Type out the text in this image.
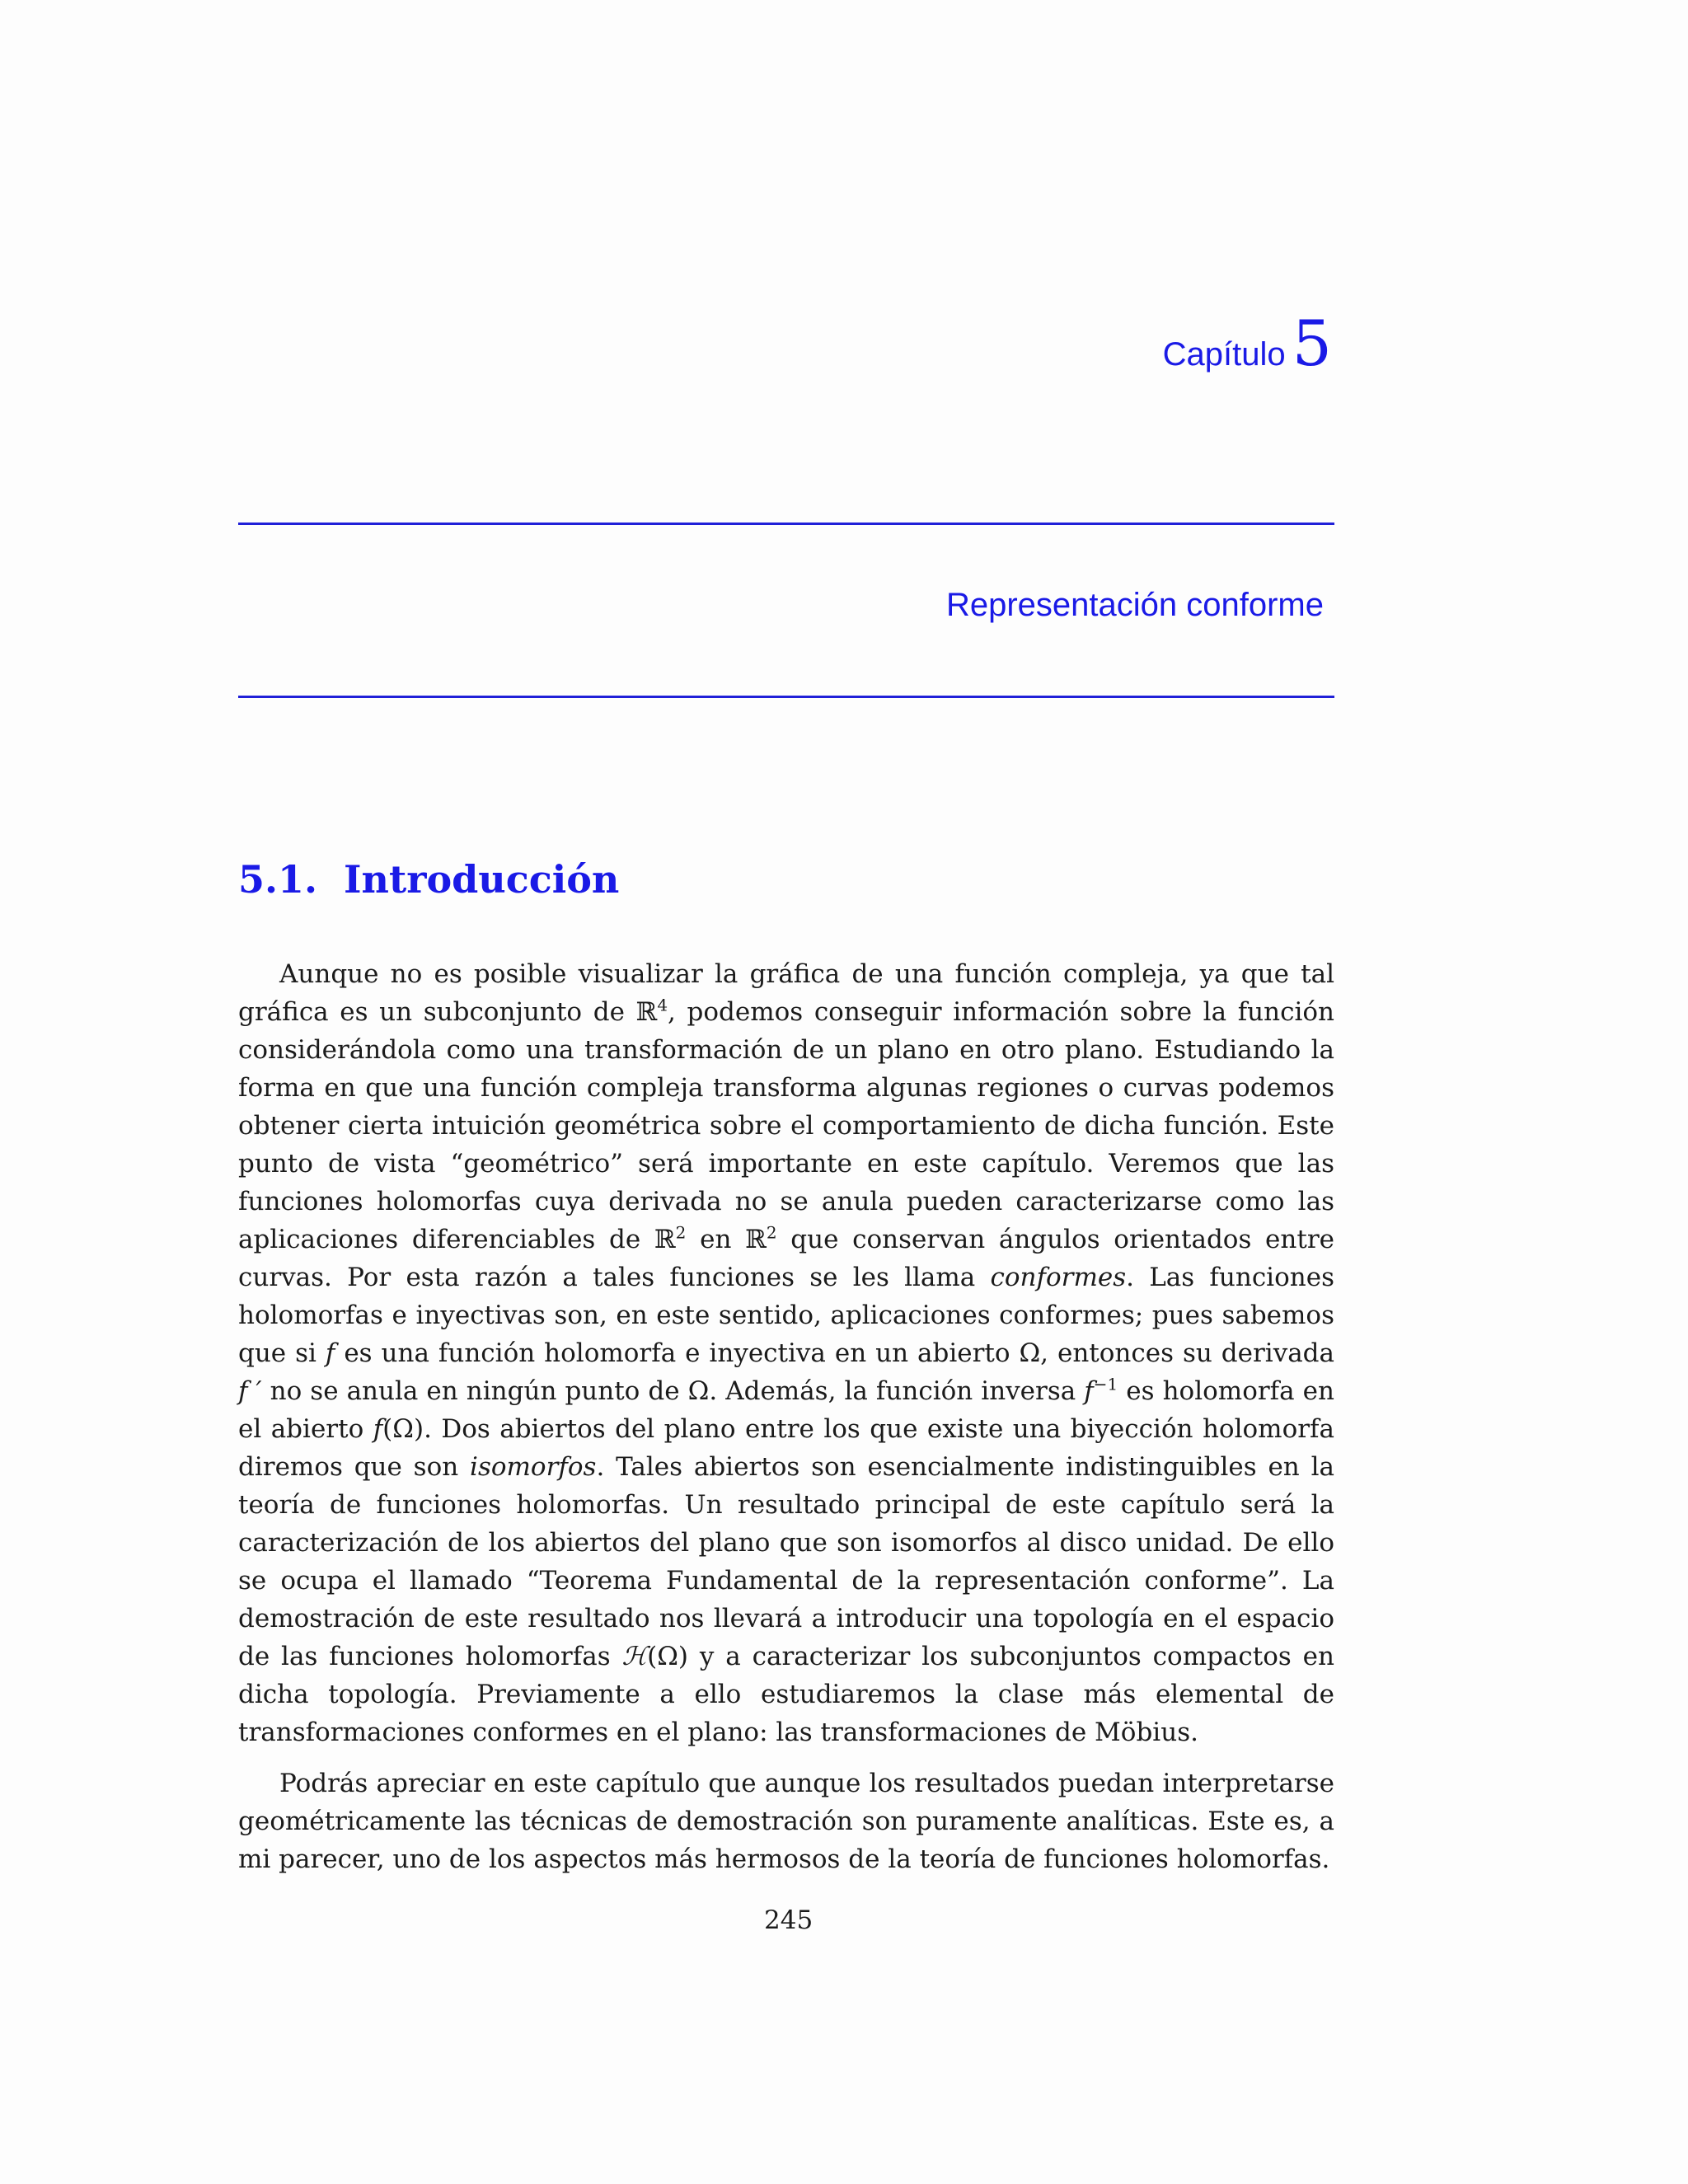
Capítulo 5
Representación conforme
5.1. Introducción

Aunque no es posible visualizar la gráfica de una función compleja, ya que tal gráfica es un subconjunto de ℝ$^4$, podemos conseguir información sobre la función considerándola como una transformación de un plano en otro plano. Estudiando la forma en que una función compleja transforma algunas regiones o curvas podemos obtener cierta intuición geométrica sobre el comportamiento de dicha función. Este punto de vista “geométrico” será importante en este capítulo. Veremos que las funciones holomorfas cuya derivada no se anula pueden caracterizarse como las aplicaciones diferenciables de ℝ$^2$ en ℝ$^2$ que conservan ángulos orientados entre curvas. Por esta razón a tales funciones se les llama conformes. Las funciones holomorfas e inyectivas son, en este sentido, aplicaciones conformes; pues sabemos que si f es una función holomorfa e inyectiva en un abierto Ω, entonces su derivada f ′ no se anula en ningún punto de Ω. Además, la función inversa $f^{-1}$ es holomorfa en el abierto f(Ω). Dos abiertos del plano entre los que existe una biyección holomorfa diremos que son isomorfos. Tales abiertos son esencialmente indistinguibles en la teoría de funciones holomorfas. Un resultado principal de este capítulo será la caracterización de los abiertos del plano que son isomorfos al disco unidad. De ello se ocupa el llamado “Teorema Fundamental de la representación conforme”. La demostración de este resultado nos llevará a introducir una topología en el espacio de las funciones holomorfas ℋ(Ω) y a caracterizar los subconjuntos compactos en dicha topología. Previamente a ello estudiaremos la clase más elemental de transformaciones conformes en el plano: las transformaciones de Möbius.

Podrás apreciar en este capítulo que aunque los resultados puedan interpretarse geométricamente las técnicas de demostración son puramente analíticas. Este es, a mi parecer, uno de los aspectos más hermosos de la teoría de funciones holomorfas.

245
